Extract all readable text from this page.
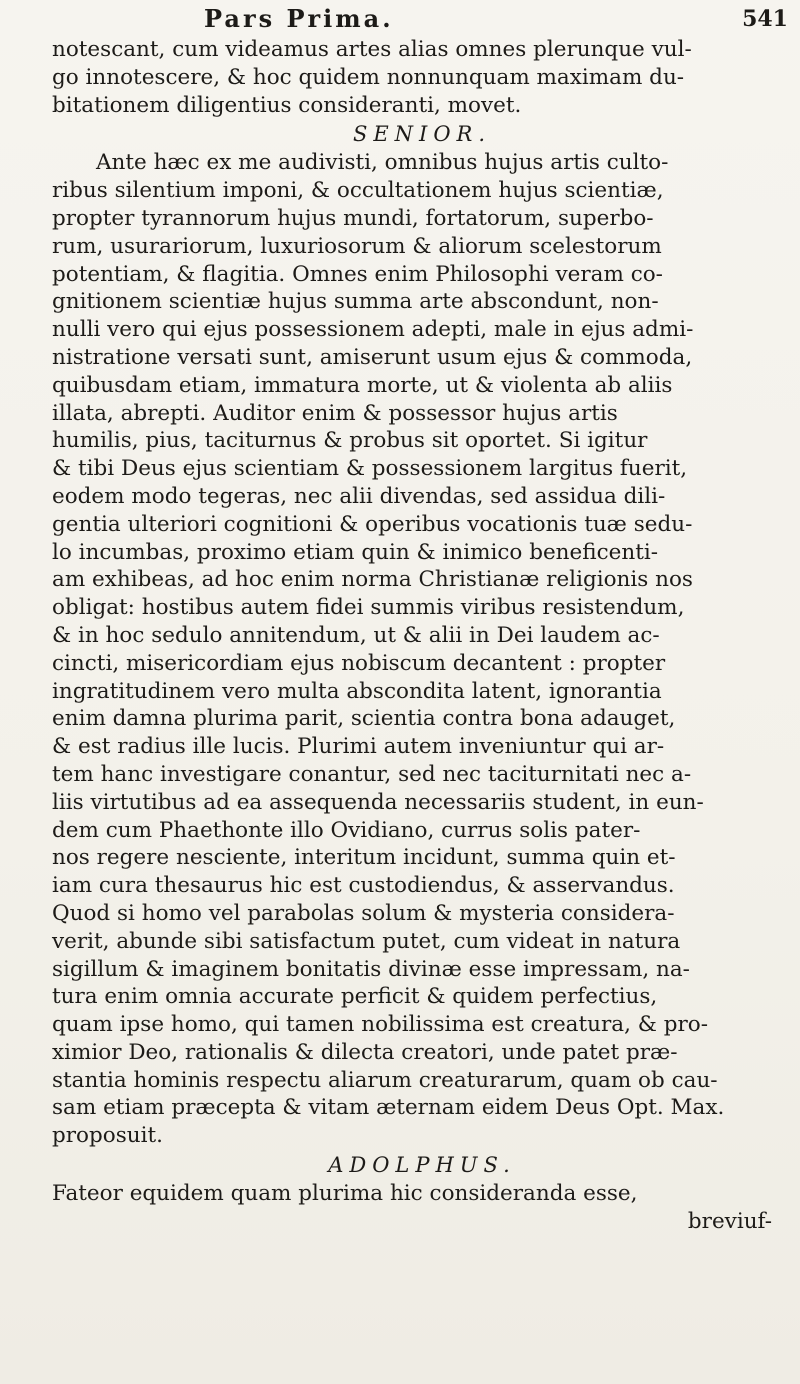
Pars Prima.	541
notescant, cum videamus artes alias omnes plerunque vul-
go innotescere, & hoc quidem nonnunquam maximam du-
bitationem diligentius consideranti, movet.
SENIOR.
Ante hæc ex me audivisti, omnibus hujus artis culto-
ribus silentium imponi, & occultationem hujus scientiæ,
propter tyrannorum hujus mundi, fortatorum, superbo-
rum, usurariorum, luxuriosorum & aliorum scelestorum
potentiam, & flagitia. Omnes enim Philosophi veram co-
gnitionem scientiæ hujus summa arte abscondunt, non-
nulli vero qui ejus possessionem adepti, male in ejus admi-
nistratione versati sunt, amiserunt usum ejus & commoda,
quibusdam etiam, immatura morte, ut & violenta ab aliis
illata, abrepti. Auditor enim & possessor hujus artis
humilis, pius, taciturnus & probus sit oportet. Si igitur
& tibi Deus ejus scientiam & possessionem largitus fuerit,
eodem modo tegeras, nec alii divendas, sed assidua dili-
gentia ulteriori cognitioni & operibus vocationis tuæ sedu-
lo incumbas, proximo etiam quin & inimico beneficenti-
am exhibeas, ad hoc enim norma Christianæ religionis nos
obligat: hostibus autem fidei summis viribus resistendum,
& in hoc sedulo annitendum, ut & alii in Dei laudem ac-
cincti, misericordiam ejus nobiscum decantent : propter
ingratitudinem vero multa abscondita latent, ignorantia
enim damna plurima parit, scientia contra bona adauget,
& est radius ille lucis. Plurimi autem inveniuntur qui ar-
tem hanc investigare conantur, sed nec taciturnitati nec a-
liis virtutibus ad ea assequenda necessariis student, in eun-
dem cum Phaethonte illo Ovidiano, currus solis pater-
nos regere nesciente, interitum incidunt, summa quin et-
iam cura thesaurus hic est custodiendus, & asservandus.
Quod si homo vel parabolas solum & mysteria considera-
verit, abunde sibi satisfactum putet, cum videat in natura
sigillum & imaginem bonitatis divinæ esse impressam, na-
tura enim omnia accurate perficit & quidem perfectius,
quam ipse homo, qui tamen nobilissima est creatura, & pro-
ximior Deo, rationalis & dilecta creatori, unde patet præ-
stantia hominis respectu aliarum creaturarum, quam ob cau-
sam etiam præcepta & vitam æternam eidem Deus Opt. Max.
proposuit.
ADOLPHUS.
Fateor equidem quam plurima hic consideranda esse,
breviuf-
